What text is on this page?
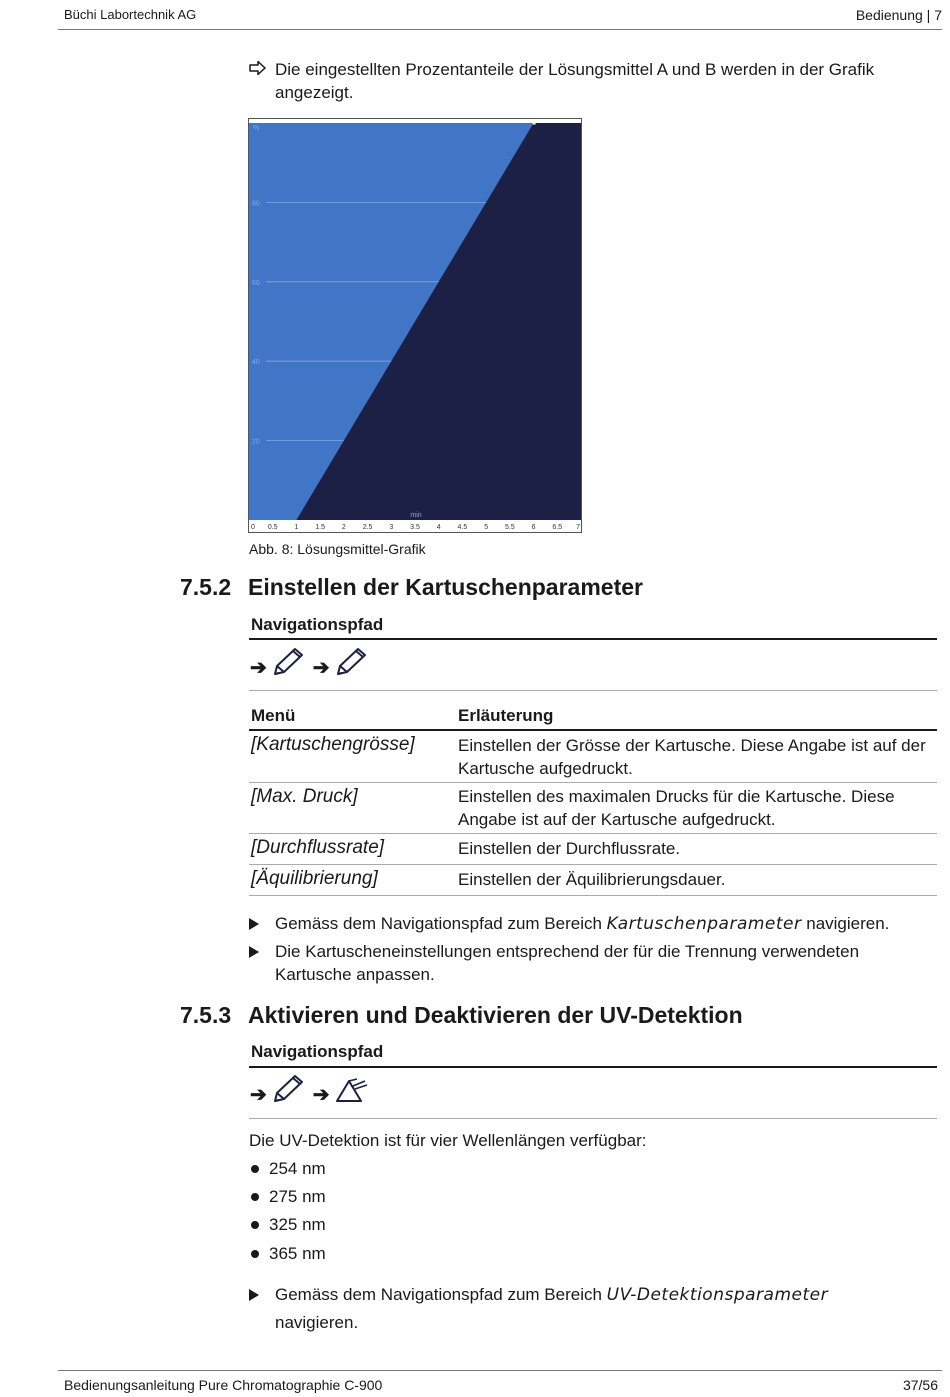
Büchi Labortechnik AG	Bedienung | 7
Die eingestellten Prozentanteile der Lösungsmittel A und B werden in der Grafik angezeigt.
%
20
40
60
80
0 0.5 1 1.5 2 2.5 3 3.5 4 4.5 5 5.5 6 6.5 7
min
Abb. 8: Lösungsmittel-Grafik
7.5.2 Einstellen der Kartuschenparameter
Navigationspfad
➔ ➔
Menü	Erläuterung
[Kartuschengrösse]	Einstellen der Grösse der Kartusche. Diese Angabe ist auf der Kartusche aufgedruckt.
[Max. Druck]	Einstellen des maximalen Drucks für die Kartusche. Diese Angabe ist auf der Kartusche aufgedruckt.
[Durchflussrate]	Einstellen der Durchflussrate.
[Äquilibrierung]	Einstellen der Äquilibrierungsdauer.
Gemäss dem Navigationspfad zum Bereich Kartuschenparameter navigieren.
Die Kartuscheneinstellungen entsprechend der für die Trennung verwendeten Kartusche anpassen.
7.5.3 Aktivieren und Deaktivieren der UV-Detektion
Navigationspfad
➔ ➔
Die UV-Detektion ist für vier Wellenlängen verfügbar:
254 nm
275 nm
325 nm
365 nm
Gemäss dem Navigationspfad zum Bereich UV-Detektionsparameter navigieren.
Bedienungsanleitung Pure Chromatographie C-900	37/56
